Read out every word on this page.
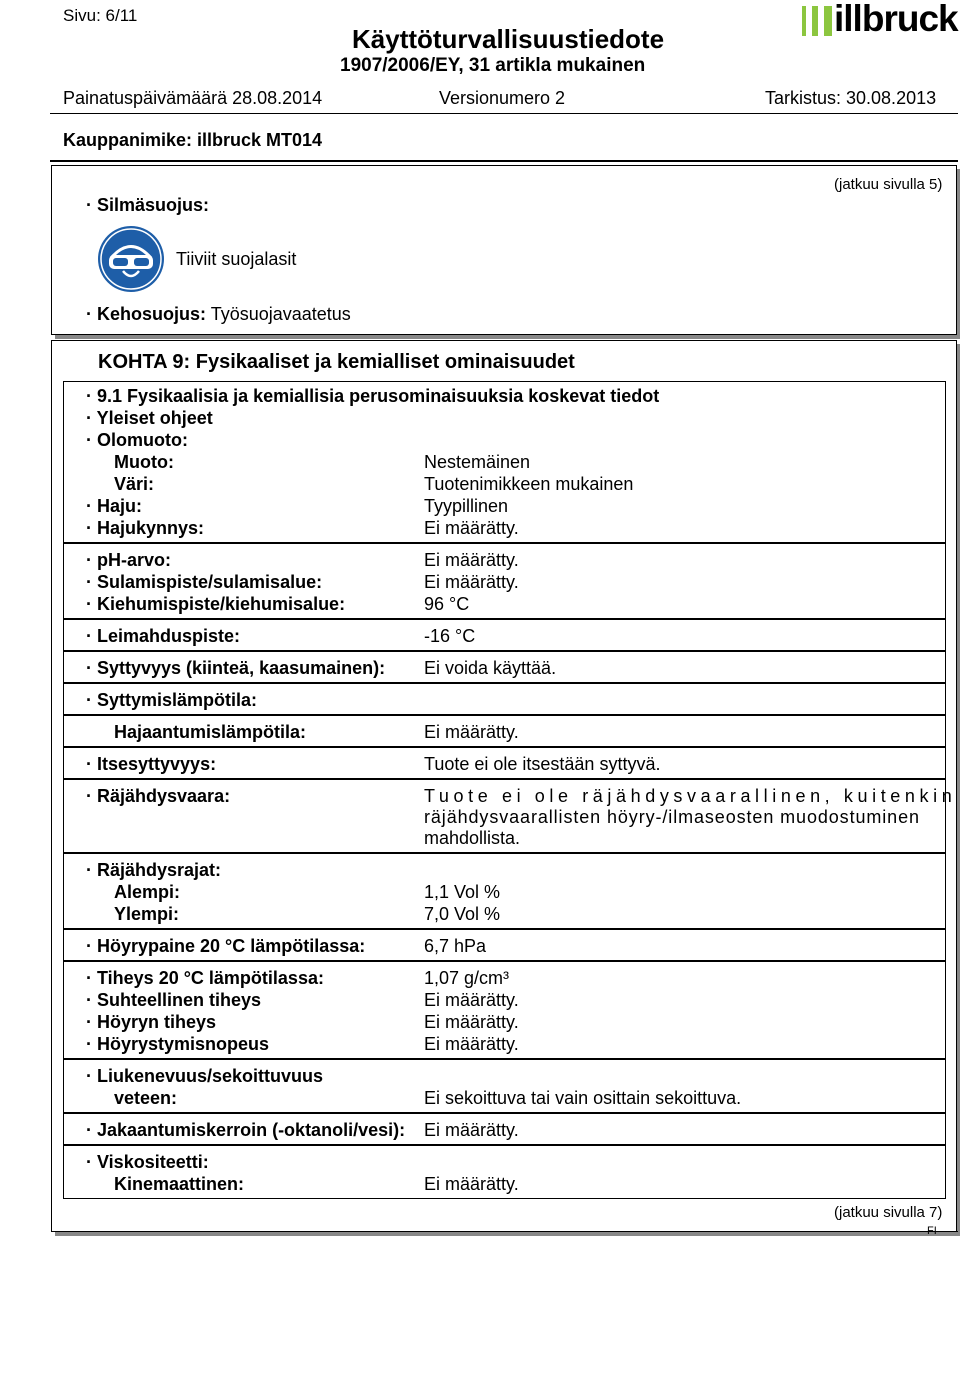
Sivu: 6/11
Käyttöturvallisuustiedote
1907/2006/EY, 31 artikla mukainen
illbruck
Painatuspäivämäärä 28.08.2014	Versionumero 2	Tarkistus: 30.08.2013
Kauppanimike: illbruck MT014
(jatkuu sivulla 5)
· Silmäsuojus:
Tiiviit suojalasit
· Kehosuojus: Työsuojavaatetus
KOHTA 9: Fysikaaliset ja kemialliset ominaisuudet
· 9.1 Fysikaalisia ja kemiallisia perusominaisuuksia koskevat tiedot
· Yleiset ohjeet
· Olomuoto:
Muoto:	Nestemäinen
Väri:	Tuotenimikkeen mukainen
· Haju:	Tyypillinen
· Hajukynnys:	Ei määrätty.
· pH-arvo:	Ei määrätty.
· Sulamispiste/sulamisalue:	Ei määrätty.
· Kiehumispiste/kiehumisalue:	96 °C
· Leimahduspiste:	-16 °C
· Syttyvyys (kiinteä, kaasumainen): Ei voida käyttää.
· Syttymislämpötila:
Hajaantumislämpötila:	Ei määrätty.
· Itsesyttyvyys:	Tuote ei ole itsestään syttyvä.
· Räjähdysvaara:	Tuote ei ole räjähdysvaarallinen, kuitenkin
räjähdysvaarallisten höyry-/ilmaseosten muodostuminen
mahdollista.
· Räjähdysrajat:
Alempi:	1,1 Vol %
Ylempi:	7,0 Vol %
· Höyrypaine 20 °C lämpötilassa:	6,7 hPa
· Tiheys 20 °C lämpötilassa:	1,07 g/cm³
· Suhteellinen tiheys	Ei määrätty.
· Höyryn tiheys	Ei määrätty.
· Höyrystymisnopeus	Ei määrätty.
· Liukenevuus/sekoittuvuus
veteen:	Ei sekoittuva tai vain osittain sekoittuva.
· Jakaantumiskerroin (-oktanoli/vesi): Ei määrätty.
· Viskositeetti:
Kinemaattinen:	Ei määrätty.
(jatkuu sivulla 7)
FI
